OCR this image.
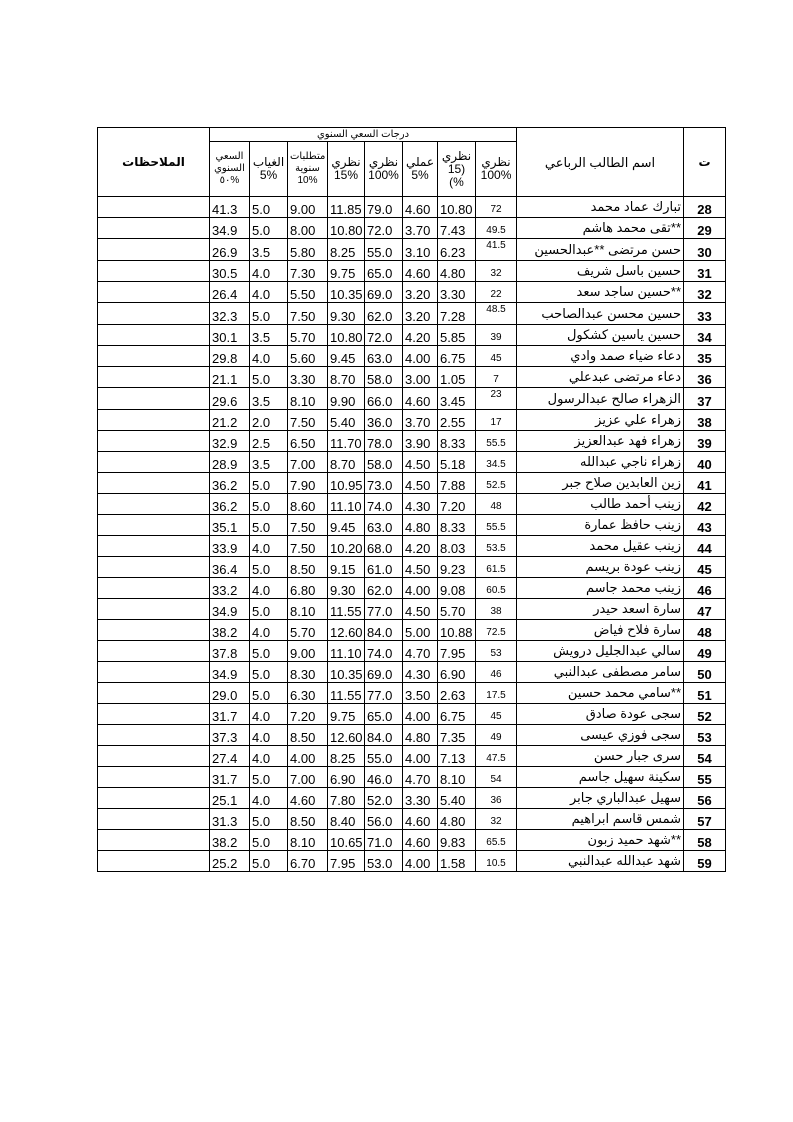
الملاحظات	درجات السعي السنوي								اسم الطالب الرباعي	ت
	السعي السنوي %٥٠	الغياب 5%	متطلبات سنوية 10%	نظري 15%	نظري 100%	عملي 5%	نظري (15 %)	نظري 100%		
	41.3	5.0	9.00	11.85	79.0	4.60	10.80	72	تبارك عماد محمد	28
	34.9	5.0	8.00	10.80	72.0	3.70	7.43	49.5	**تقى محمد هاشم	29
	26.9	3.5	5.80	8.25	55.0	3.10	6.23	41.5	حسن مرتضى **عبدالحسين	30
	30.5	4.0	7.30	9.75	65.0	4.60	4.80	32	حسين باسل شريف	31
	26.4	4.0	5.50	10.35	69.0	3.20	3.30	22	**حسين ساجد سعد	32
	32.3	5.0	7.50	9.30	62.0	3.20	7.28	48.5	حسين محسن عبدالصاحب	33
	30.1	3.5	5.70	10.80	72.0	4.20	5.85	39	حسين ياسين كشكول	34
	29.8	4.0	5.60	9.45	63.0	4.00	6.75	45	دعاء ضياء صمد وادي	35
	21.1	5.0	3.30	8.70	58.0	3.00	1.05	7	دعاء مرتضى عبدعلي	36
	29.6	3.5	8.10	9.90	66.0	4.60	3.45	23	الزهراء صالح عبدالرسول	37
	21.2	2.0	7.50	5.40	36.0	3.70	2.55	17	زهراء علي عزيز	38
	32.9	2.5	6.50	11.70	78.0	3.90	8.33	55.5	زهراء فهد عبدالعزيز	39
	28.9	3.5	7.00	8.70	58.0	4.50	5.18	34.5	زهراء ناجي عبدالله	40
	36.2	5.0	7.90	10.95	73.0	4.50	7.88	52.5	زين العابدين صلاح جبر	41
	36.2	5.0	8.60	11.10	74.0	4.30	7.20	48	زينب أحمد طالب	42
	35.1	5.0	7.50	9.45	63.0	4.80	8.33	55.5	زينب حافظ عمارة	43
	33.9	4.0	7.50	10.20	68.0	4.20	8.03	53.5	زينب عقيل محمد	44
	36.4	5.0	8.50	9.15	61.0	4.50	9.23	61.5	زينب عودة بريسم	45
	33.2	4.0	6.80	9.30	62.0	4.00	9.08	60.5	زينب محمد جاسم	46
	34.9	5.0	8.10	11.55	77.0	4.50	5.70	38	سارة اسعد حيدر	47
	38.2	4.0	5.70	12.60	84.0	5.00	10.88	72.5	سارة فلاح فياض	48
	37.8	5.0	9.00	11.10	74.0	4.70	7.95	53	سالي عبدالجليل درويش	49
	34.9	5.0	8.30	10.35	69.0	4.30	6.90	46	سامر مصطفى عبدالنبي	50
	29.0	5.0	6.30	11.55	77.0	3.50	2.63	17.5	**سامي محمد حسين	51
	31.7	4.0	7.20	9.75	65.0	4.00	6.75	45	سجى عودة صادق	52
	37.3	4.0	8.50	12.60	84.0	4.80	7.35	49	سجى فوزي عيسى	53
	27.4	4.0	4.00	8.25	55.0	4.00	7.13	47.5	سرى جبار حسن	54
	31.7	5.0	7.00	6.90	46.0	4.70	8.10	54	سكينة سهيل جاسم	55
	25.1	4.0	4.60	7.80	52.0	3.30	5.40	36	سهيل عبدالباري جابر	56
	31.3	5.0	8.50	8.40	56.0	4.60	4.80	32	شمس قاسم ابراهيم	57
	38.2	5.0	8.10	10.65	71.0	4.60	9.83	65.5	**شهد حميد زبون	58
	25.2	5.0	6.70	7.95	53.0	4.00	1.58	10.5	شهد عبدالله عبدالنبي	59
